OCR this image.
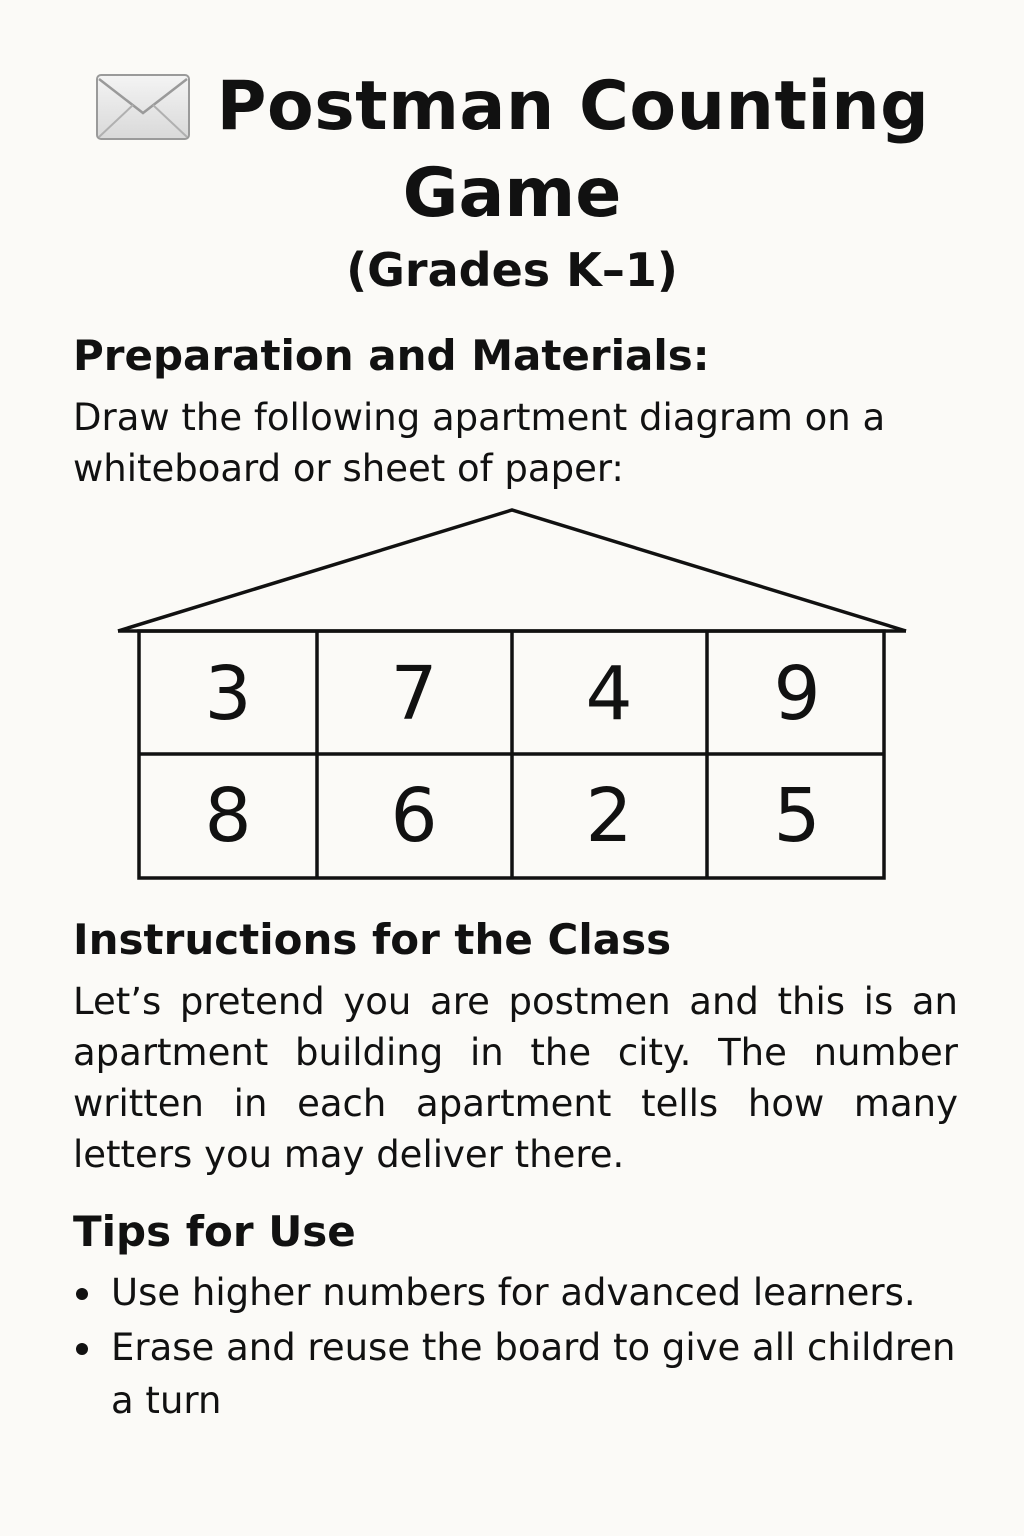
Postman Counting
Game
(Grades K–1)
Preparation and Materials:
Draw the following apartment diagram on a whiteboard or sheet of paper:
3 7 4 9
8 6 2 5
Instructions for the Class
Let’s pretend you are postmen and this is an apartment building in the city. The number written in each apartment tells how many letters you may deliver there.
Tips for Use
Use higher numbers for advanced learners.
Erase and reuse the board to give all children a turn
